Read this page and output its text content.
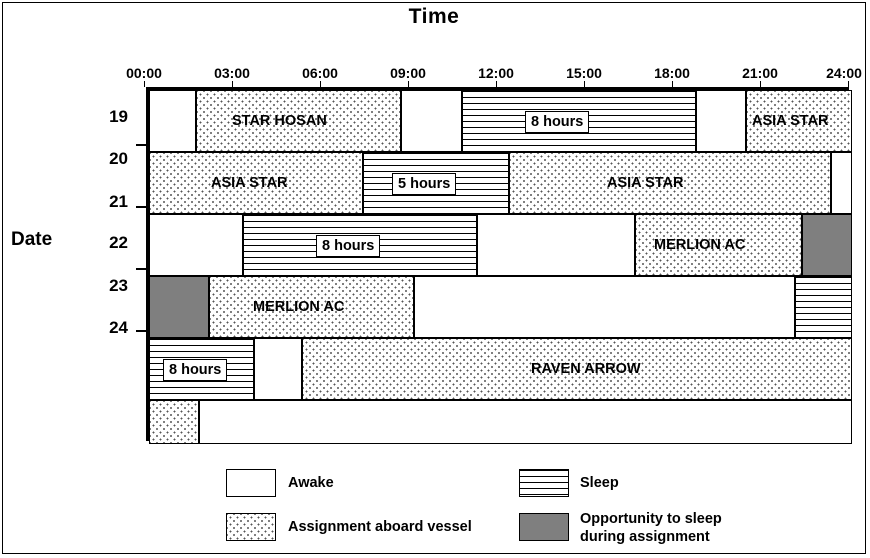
Time
Date
00:00	03:00	06:00	09:00	12:00	15:00	18:00	21:00	24:00
19
20
21
22
23
24
STAR HOSAN	8 hours	ASIA STAR
ASIA STAR	5 hours	ASIA STAR
8 hours	MERLION AC
MERLION AC
8 hours	RAVEN ARROW
Awake	Sleep
Assignment aboard vessel	Opportunity to sleep
during assignment
